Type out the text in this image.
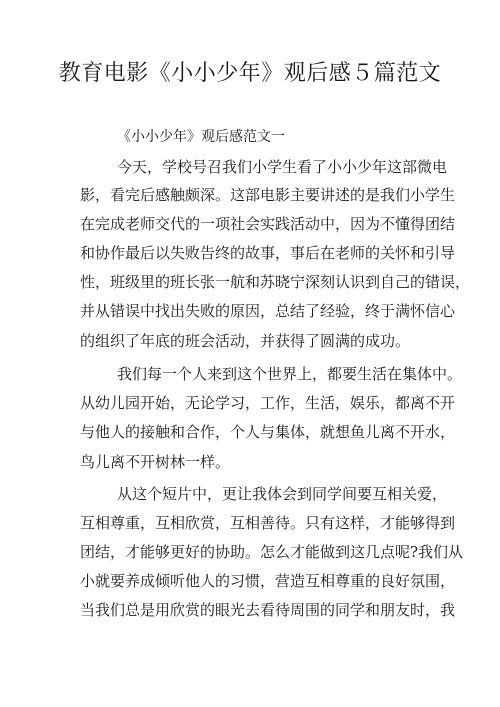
教育电影《小小少年》观后感５篇范文
《小小少年》观后感范文一
今天，学校号召我们小学生看了小小少年这部微电
影，看完后感触颇深。这部电影主要讲述的是我们小学生
在完成老师交代的一项社会实践活动中，因为不懂得团结
和协作最后以失败告终的故事，事后在老师的关怀和引导
性，班级里的班长张一航和苏晓宁深刻认识到自己的错误，
并从错误中找出失败的原因，总结了经验，终于满怀信心
的组织了年底的班会活动，并获得了圆满的成功。
我们每一个人来到这个世界上，都要生活在集体中。
从幼儿园开始，无论学习，工作，生活，娱乐，都离不开
与他人的接触和合作，个人与集体，就想鱼儿离不开水，
鸟儿离不开树林一样。
从这个短片中，更让我体会到同学间要互相关爱，
互相尊重，互相欣赏，互相善待。只有这样，才能够得到
团结，才能够更好的协助。怎么才能做到这几点呢?我们从
小就要养成倾听他人的习惯，营造互相尊重的良好氛围，
当我们总是用欣赏的眼光去看待周围的同学和朋友时，我
